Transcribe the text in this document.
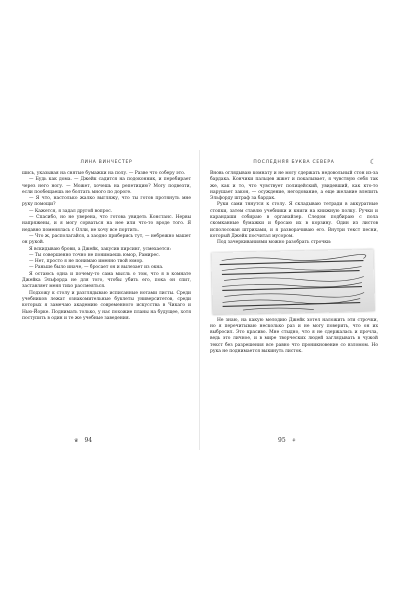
ЛИНА ВИНЧЕСТЕР

шись, указывая на снятые бумажки на полу. — Разве что соберу это.

— Будь как дома. — Джейк садится на подоконник, и перебирает через него ногу. — Может, хочешь на репетицию? Могу подвезти, если пообещаешь не болтать много по дороге.

— Я что, настолько жалко выгляжу, что ты готов протянуть мне руку помощи?

— Кажется, я задал другой вопрос.

— Спасибо, но не уверена, что готова увидеть Констанс. Нервы напряжены, и я могу сорваться на нее или что-то вроде того. Я недавно поменялась с Олли, не хочу все портить.

— Что ж, располагайся, а заодно приберись тут, — небрежно машет он рукой.

Я вскидываю брови, а Джейк, закусив пирсинг, усмехается:

— Ты совершенно точно не понимаешь юмор, Рамирес.

— Нет, просто я не понимаю именно твой юмор.

— Раньше было иначе, — бросает он и вылезает из окна.

Я остаюсь одна и почему-то сама мысль о том, что я в комнате Джейка Эльфорда не для того, чтобы убить его, пока он спит, заставляет меня тихо рассмеяться.

Подхожу к столу и разглядываю исписанные нотами листы. Среди учебников лежат ознакомительные буклеты университетов, среди которых я замечаю академию современного искусства в Чикаго и Нью-Йорке. Поднимать только, у нас похожие планы на будущее, хотя поступить в один и те же учебные заведения.

♛ 94
ПОСЛЕДНЯЯ БУКВА СЕВЕРА	☾

Вновь оглядываю комнату и не могу сдержать недовольный стон из-за бардака. Кончики пальцев жжет и покалывает, я чувствую себя так же, как и то, что чувствует полицейский, увидевший, как кто-то нарушает закон, — осуждение, негодование, а еще желание влепить Эльфорду штраф за бардак.

Руки сами тянутся к столу. Я складываю тетради в аккуратные стопки, затем ставлю учебники и книги на книжную полку. Ручки и карандаши собираю в органайзер. Следом подбираю с пола скомканные бумажки и бросаю их в корзину. Один из листов исполосован штрихами, и я разворачиваю его. Внутри текст песни, который Джейк посчитал мусором.

Под зачеркиваниями можно разобрать строчки:

Не знаю, на какую мелодию Джейк хотел наложить эти строчки, но я перечитываю несколько раз и не могу поверить, что он их выбросил. Это красиво. Мне стыдно, что я не сдержалась и прочла, ведь это личное, и в мире творческих людей заглядывать в чужой текст без разрешения все равно что проникновение со взломом. Но рука не поднимается выкинуть листок.

95 ⚘
